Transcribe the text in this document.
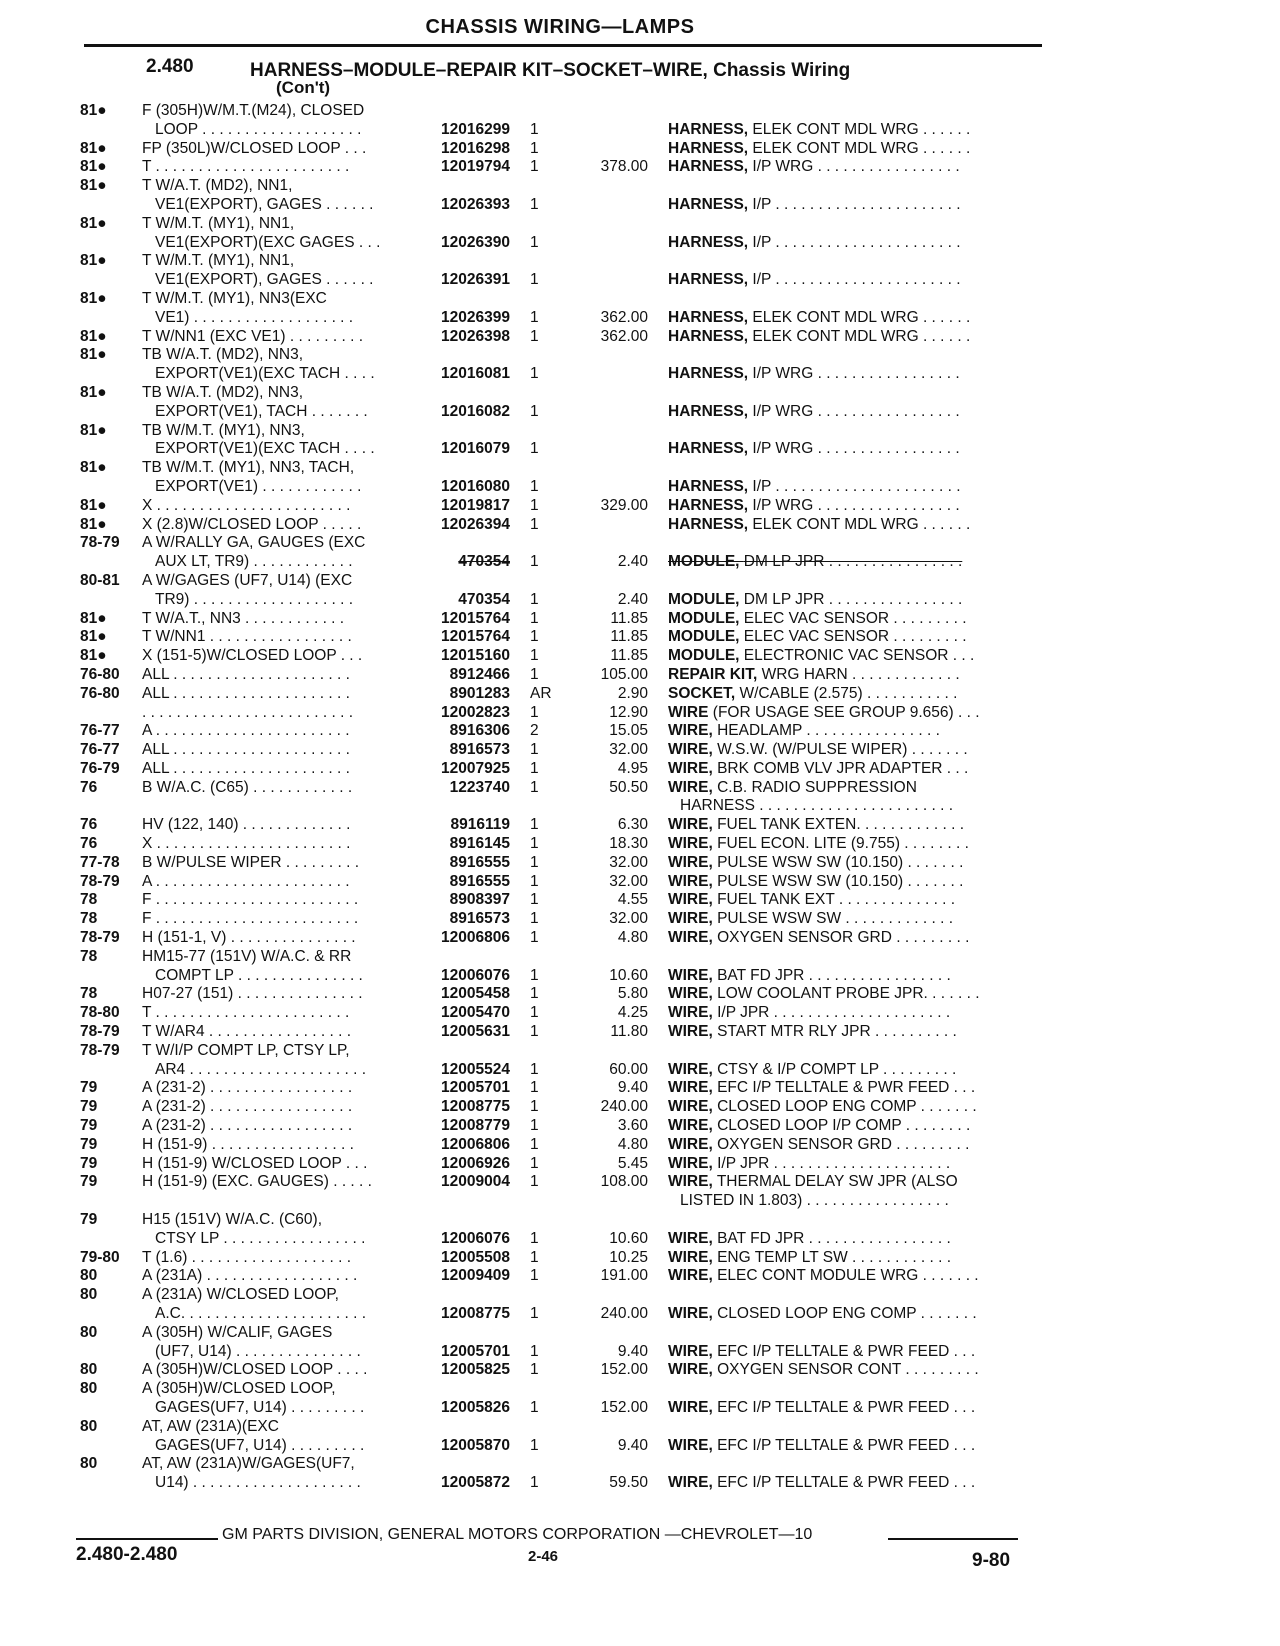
CHASSIS WIRING—LAMPS
2.480	HARNESS–MODULE–REPAIR KIT–SOCKET–WIRE, Chassis Wiring
(Con't)
81● F (305H)W/M.T.(M24), CLOSED
LOOP . . . . . . . . . . . . . . . . . . .	12016299 1	HARNESS, ELEK CONT MDL WRG . . . . . .
81● FP (350L)W/CLOSED LOOP . . .	12016298 1	HARNESS, ELEK CONT MDL WRG . . . . . .
81● T . . . . . . . . . . . . . . . . . . . . . . .	12019794 1	378.00 HARNESS, I/P WRG . . . . . . . . . . . . . . . . .
81● T W/A.T. (MD2), NN1,
VE1(EXPORT), GAGES . . . . . .	12026393 1	HARNESS, I/P . . . . . . . . . . . . . . . . . . . . . .
81● T W/M.T. (MY1), NN1,
VE1(EXPORT)(EXC GAGES . . .	12026390 1	HARNESS, I/P . . . . . . . . . . . . . . . . . . . . . .
81● T W/M.T. (MY1), NN1,
VE1(EXPORT), GAGES . . . . . .	12026391 1	HARNESS, I/P . . . . . . . . . . . . . . . . . . . . . .
81● T W/M.T. (MY1), NN3(EXC
VE1) . . . . . . . . . . . . . . . . . . .	12026399 1	362.00 HARNESS, ELEK CONT MDL WRG . . . . . .
81● T W/NN1 (EXC VE1) . . . . . . . . .	12026398 1	362.00 HARNESS, ELEK CONT MDL WRG . . . . . .
81● TB W/A.T. (MD2), NN3,
EXPORT(VE1)(EXC TACH . . . .	12016081 1	HARNESS, I/P WRG . . . . . . . . . . . . . . . . .
81● TB W/A.T. (MD2), NN3,
EXPORT(VE1), TACH . . . . . . .	12016082 1	HARNESS, I/P WRG . . . . . . . . . . . . . . . . .
81● TB W/M.T. (MY1), NN3,
EXPORT(VE1)(EXC TACH . . . .	12016079 1	HARNESS, I/P WRG . . . . . . . . . . . . . . . . .
81● TB W/M.T. (MY1), NN3, TACH,
EXPORT(VE1) . . . . . . . . . . . .	12016080 1	HARNESS, I/P . . . . . . . . . . . . . . . . . . . . . .
81● X . . . . . . . . . . . . . . . . . . . . . . .	12019817 1	329.00 HARNESS, I/P WRG . . . . . . . . . . . . . . . . .
81● X (2.8)W/CLOSED LOOP . . . . .	12026394 1	HARNESS, ELEK CONT MDL WRG . . . . . .
78-79 A W/RALLY GA, GAUGES (EXC
AUX LT, TR9) . . . . . . . . . . . .	470354 1	2.40 MODULE, DM LP JPR . . . . . . . . . . . . . . . .
80-81 A W/GAGES (UF7, U14) (EXC
TR9) . . . . . . . . . . . . . . . . . . .	470354 1	2.40 MODULE, DM LP JPR . . . . . . . . . . . . . . . .
81● T W/A.T., NN3 . . . . . . . . . . . .	12015764 1	11.85 MODULE, ELEC VAC SENSOR . . . . . . . . .
81● T W/NN1 . . . . . . . . . . . . . . . . .	12015764 1	11.85 MODULE, ELEC VAC SENSOR . . . . . . . . .
81● X (151-5)W/CLOSED LOOP . . .	12015160 1	11.85 MODULE, ELECTRONIC VAC SENSOR . . .
76-80 ALL . . . . . . . . . . . . . . . . . . . . .	8912466 1	105.00 REPAIR KIT, WRG HARN . . . . . . . . . . . . .
76-80 ALL . . . . . . . . . . . . . . . . . . . . .	8901283 AR	2.90 SOCKET, W/CABLE (2.575) . . . . . . . . . . .
. . . . . . . . . . . . . . . . . . . . . . . . .	12002823 1	12.90 WIRE (FOR USAGE SEE GROUP 9.656) . . .
76-77 A . . . . . . . . . . . . . . . . . . . . . . .	8916306 2	15.05 WIRE, HEADLAMP . . . . . . . . . . . . . . . .
76-77 ALL . . . . . . . . . . . . . . . . . . . . .	8916573 1	32.00 WIRE, W.S.W. (W/PULSE WIPER) . . . . . . .
76-79 ALL . . . . . . . . . . . . . . . . . . . . .	12007925 1	4.95 WIRE, BRK COMB VLV JPR ADAPTER . . .
76	B W/A.C. (C65) . . . . . . . . . . . .	1223740 1	50.50 WIRE, C.B. RADIO SUPPRESSION
HARNESS . . . . . . . . . . . . . . . . . . . . . . .
76	HV (122, 140) . . . . . . . . . . . . .	8916119 1	6.30 WIRE, FUEL TANK EXTEN. . . . . . . . . . . . .
76	X . . . . . . . . . . . . . . . . . . . . . . .	8916145 1	18.30 WIRE, FUEL ECON. LITE (9.755) . . . . . . . .
77-78 B W/PULSE WIPER . . . . . . . . .	8916555 1	32.00 WIRE, PULSE WSW SW (10.150) . . . . . . .
78-79 A . . . . . . . . . . . . . . . . . . . . . . .	8916555 1	32.00 WIRE, PULSE WSW SW (10.150) . . . . . . .
78	F . . . . . . . . . . . . . . . . . . . . . . . .	8908397 1	4.55 WIRE, FUEL TANK EXT . . . . . . . . . . . . . .
78	F . . . . . . . . . . . . . . . . . . . . . . . .	8916573 1	32.00 WIRE, PULSE WSW SW . . . . . . . . . . . . .
78-79 H (151-1, V) . . . . . . . . . . . . . . .	12006806 1	4.80 WIRE, OXYGEN SENSOR GRD . . . . . . . . .
78	HM15-77 (151V) W/A.C. & RR
COMPT LP . . . . . . . . . . . . . . .	12006076 1	10.60 WIRE, BAT FD JPR . . . . . . . . . . . . . . . . .
78	H07-27 (151) . . . . . . . . . . . . . . .	12005458 1	5.80 WIRE, LOW COOLANT PROBE JPR. . . . . . .
78-80 T . . . . . . . . . . . . . . . . . . . . . . .	12005470 1	4.25 WIRE, I/P JPR . . . . . . . . . . . . . . . . . . . . .
78-79 T W/AR4 . . . . . . . . . . . . . . . . .	12005631 1	11.80 WIRE, START MTR RLY JPR . . . . . . . . . .
78-79 T W/I/P COMPT LP, CTSY LP,
AR4 . . . . . . . . . . . . . . . . . . . . .	12005524 1	60.00 WIRE, CTSY & I/P COMPT LP . . . . . . . . .
79	A (231-2) . . . . . . . . . . . . . . . . .	12005701 1	9.40 WIRE, EFC I/P TELLTALE & PWR FEED . . .
79	A (231-2) . . . . . . . . . . . . . . . . .	12008775 1	240.00 WIRE, CLOSED LOOP ENG COMP . . . . . . .
79	A (231-2) . . . . . . . . . . . . . . . . .	12008779 1	3.60 WIRE, CLOSED LOOP I/P COMP . . . . . . . .
79	H (151-9) . . . . . . . . . . . . . . . . .	12006806 1	4.80 WIRE, OXYGEN SENSOR GRD . . . . . . . . .
79	H (151-9) W/CLOSED LOOP . . .	12006926 1	5.45 WIRE, I/P JPR . . . . . . . . . . . . . . . . . . . . .
79	H (151-9) (EXC. GAUGES) . . . . .	12009004 1	108.00 WIRE, THERMAL DELAY SW JPR (ALSO
LISTED IN 1.803) . . . . . . . . . . . . . . . . .
79	H15 (151V) W/A.C. (C60),
CTSY LP . . . . . . . . . . . . . . . . .	12006076 1	10.60 WIRE, BAT FD JPR . . . . . . . . . . . . . . . . .
79-80 T (1.6) . . . . . . . . . . . . . . . . . . .	12005508 1	10.25 WIRE, ENG TEMP LT SW . . . . . . . . . . . .
80	A (231A) . . . . . . . . . . . . . . . . . .	12009409 1	191.00 WIRE, ELEC CONT MODULE WRG . . . . . . .
80	A (231A) W/CLOSED LOOP,
A.C. . . . . . . . . . . . . . . . . . . . . .	12008775 1	240.00 WIRE, CLOSED LOOP ENG COMP . . . . . . .
80	A (305H) W/CALIF, GAGES
(UF7, U14) . . . . . . . . . . . . . . .	12005701 1	9.40 WIRE, EFC I/P TELLTALE & PWR FEED . . .
80	A (305H)W/CLOSED LOOP . . . .	12005825 1	152.00 WIRE, OXYGEN SENSOR CONT . . . . . . . . .
80	A (305H)W/CLOSED LOOP,
GAGES(UF7, U14) . . . . . . . . .	12005826 1	152.00 WIRE, EFC I/P TELLTALE & PWR FEED . . .
80	AT, AW (231A)(EXC
GAGES(UF7, U14) . . . . . . . . .	12005870 1	9.40 WIRE, EFC I/P TELLTALE & PWR FEED . . .
80	AT, AW (231A)W/GAGES(UF7,
U14) . . . . . . . . . . . . . . . . . . . .	12005872 1	59.50 WIRE, EFC I/P TELLTALE & PWR FEED . . .
GM PARTS DIVISION, GENERAL MOTORS CORPORATION —CHEVROLET—10
2.480-2.480	2-46	9-80
